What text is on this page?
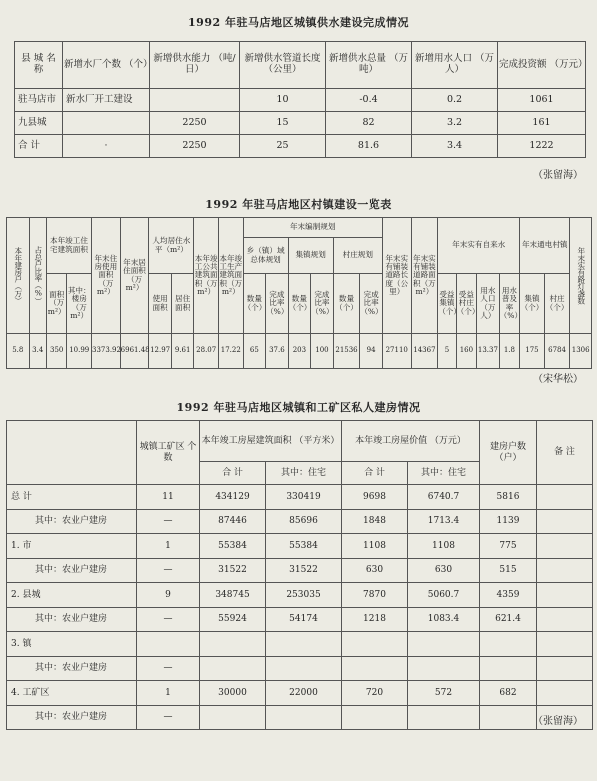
1992 年驻马店地区城镇供水建设完成情况
县 城 名 称	新增水厂个数 （个）	新增供水能力 （吨/日）	新增供水管道长度 （公里）	新增供水总量 （万吨）	新增用水人口 （万人）	完成投资额 （万元）
驻马店市	新水厂开工建设		10	-0.4	0.2	1061
九县城		2250	15	82	3.2	161
合 计	·	2250	25	81.6	3.4	1222
（张留海）
1992 年驻马店地区村镇建设一览表
本年建房户（万）	占总户比率（%）	本年竣工住宅建筑面积		年末住房使用面积（万m²）	年末居住面积（万m²）	人均居住水平（m²）		本年竣工公共建筑面积（万m²）	本年竣工生产建筑面积（万m²）	年末编制规划						年末实有铺装道路长度（公里）	年末实有铺装道路面积（万m²）	年末实有自来水				年末通电村镇		年末实有路灯盏数
										乡（镇）域总体规划		集镇规划		村庄规划										
		面积（万m²）	其中：楼房（万m²）			使用面积	居住面积			数量（个）	完成比率（%）	数量（个）	完成比率（%）	数量（个）	完成比率（%）			受益集镇（个）	受益村庄（个）	用水人口（万人）	用水普及率（%）	集镇（个）	村庄（个）	
5.8	3.4	350	10.99	3373.92	6961.48	12.97	9.61	28.07	17.22	65	37.6	203	100	21536	94	27110	14367	5	160	13.37	1.8	175	6784	1306
（宋华松）
1992 年驻马店地区城镇和工矿区私人建房情况
	城镇工矿区 个 数	本年竣工房屋建筑面积 （平方米）		本年竣工房屋价值 （万元）		建房户数 （户）	备 注
		合 计	其中：住宅	合 计	其中：住宅		
总 计	11	434129	330419	9698	6740.7	5816	
其中：农业户建房	—	87446	85696	1848	1713.4	1139	
1. 市	1	55384	55384	1108	1108	775	
其中：农业户建房	—	31522	31522	630	630	515	
2. 县城	9	348745	253035	7870	5060.7	4359	
其中：农业户建房	—	55924	54174	1218	1083.4	621.4	
3. 镇							
其中：农业户建房	—						
4. 工矿区	1	30000	22000	720	572	682	
其中：农业户建房	—							（张留海）
